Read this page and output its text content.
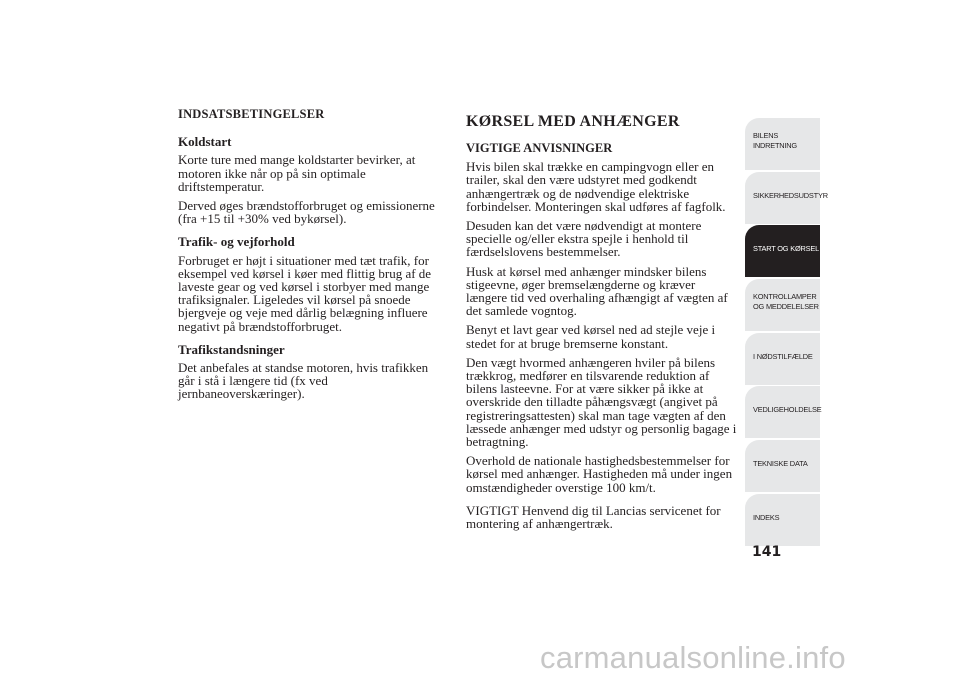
INDSATSBETINGELSER
Koldstart

Korte ture med mange koldstarter bevirker, at motoren ikke når op på sin optimale driftstemperatur.

Derved øges brændstofforbruget og emissionerne (fra +15 til +30% ved bykørsel).

Trafik- og vejforhold

Forbruget er højt i situationer med tæt trafik, for eksempel ved kørsel i køer med flittig brug af de laveste gear og ved kørsel i storbyer med mange trafiksignaler. Ligeledes vil kørsel på snoede bjergveje og veje med dårlig belægning influere negativt på brændstofforbruget.

Trafikstandsninger

Det anbefales at standse motoren, hvis trafikken går i stå i længere tid (fx ved jernbaneoverskæringer).

KØRSEL MED ANHÆNGER
VIGTIGE ANVISNINGER

Hvis bilen skal trække en campingvogn eller en trailer, skal den være udstyret med godkendt anhængertræk og de nødvendige elektriske forbindelser. Monteringen skal udføres af fagfolk.

Desuden kan det være nødvendigt at montere specielle og/eller ekstra spejle i henhold til færdselslovens bestemmelser.

Husk at kørsel med anhænger mindsker bilens stigeevne, øger bremselængderne og kræver længere tid ved overhaling afhængigt af vægten af det samlede vogntog.

Benyt et lavt gear ved kørsel ned ad stejle veje i stedet for at bruge bremserne konstant.

Den vægt hvormed anhængeren hviler på bilens trækkrog, medfører en tilsvarende reduktion af bilens lasteevne. For at være sikker på ikke at overskride den tilladte påhængsvægt (angivet på registreringsattesten) skal man tage vægten af den læssede anhænger med udstyr og personlig bagage i betragtning.

Overhold de nationale hastighedsbestemmelser for kørsel med anhænger. Hastigheden må under ingen omstændigheder overstige 100 km/t.

VIGTIGT Henvend dig til Lancias servicenet for montering af anhængertræk.

BILENS
INDRETNING
SIKKERHEDSUDSTYR
START OG KØRSEL
KONTROLLAMPER
OG MEDDELELSER
I NØDSTILFÆLDE
VEDLIGEHOLDELSE
TEKNISKE DATA
INDEKS
141
carmanualsonline.info
